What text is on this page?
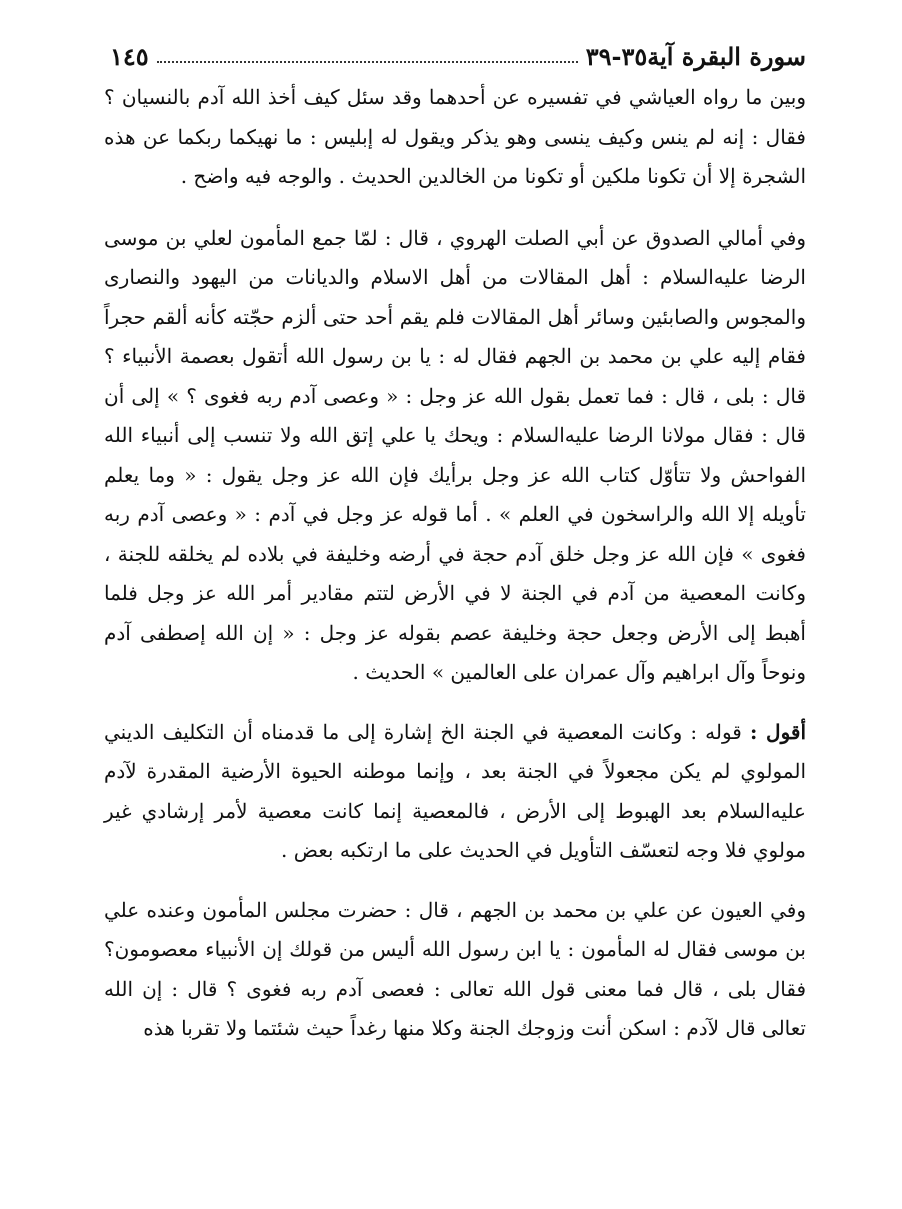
١٤٥	سورة البقرة آية٣٥-٣٩

وبين ما رواه العياشي في تفسيره عن أحدهما وقد سئل كيف أخذ الله آدم بالنسيان ؟ فقال : إنه لم ينس وكيف ينسى وهو يذكر ويقول له إبليس : ما نهيكما ربكما عن هذه الشجرة إلا أن تكونا ملكين أو تكونا من الخالدين الحديث . والوجه فيه واضح .

وفي أمالي الصدوق عن أبي الصلت الهروي ، قال : لمّا جمع المأمون لعلي بن موسى الرضا عليه‌السلام : أهل المقالات من أهل الاسلام والديانات من اليهود والنصارى والمجوس والصابئين وسائر أهل المقالات فلم يقم أحد حتى ألزم حجّته كأنه ألقم حجراً فقام إليه علي بن محمد بن الجهم فقال له : يا بن رسول الله أتقول بعصمة الأنبياء ؟ قال : بلى ، قال : فما تعمل بقول الله عز وجل : « وعصى آدم ربه فغوى ؟ » إلى أن قال : فقال مولانا الرضا عليه‌السلام : ويحك يا علي إتق الله ولا تنسب إلى أنبياء الله الفواحش ولا تتأوّل كتاب الله عز وجل برأيك فإن الله عز وجل يقول : « وما يعلم تأويله إلا الله والراسخون في العلم » . أما قوله عز وجل في آدم : « وعصى آدم ربه فغوى » فإن الله عز وجل خلق آدم حجة في أرضه وخليفة في بلاده لم يخلقه للجنة ، وكانت المعصية من آدم في الجنة لا في الأرض لتتم مقادير أمر الله عز وجل فلما أهبط إلى الأرض وجعل حجة وخليفة عصم بقوله عز وجل : « إن الله إصطفى آدم ونوحاً وآل ابراهيم وآل عمران على العالمين » الحديث .

أقول : قوله : وكانت المعصية في الجنة الخ إشارة إلى ما قدمناه أن التكليف الديني المولوي لم يكن مجعولاً في الجنة بعد ، وإنما موطنه الحيوة الأرضية المقدرة لآدم عليه‌السلام بعد الهبوط إلى الأرض ، فالمعصية إنما كانت معصية لأمر إرشادي غير مولوي فلا وجه لتعسّف التأويل في الحديث على ما ارتكبه بعض .

وفي العيون عن علي بن محمد بن الجهم ، قال : حضرت مجلس المأمون وعنده علي بن موسى فقال له المأمون : يا ابن رسول الله أليس من قولك إن الأنبياء معصومون؟ فقال بلى ، قال فما معنى قول الله تعالى : فعصى آدم ربه فغوى ؟ قال : إن الله تعالى قال لآدم : اسكن أنت وزوجك الجنة وكلا منها رغداً حيث شئتما ولا تقربا هذه
